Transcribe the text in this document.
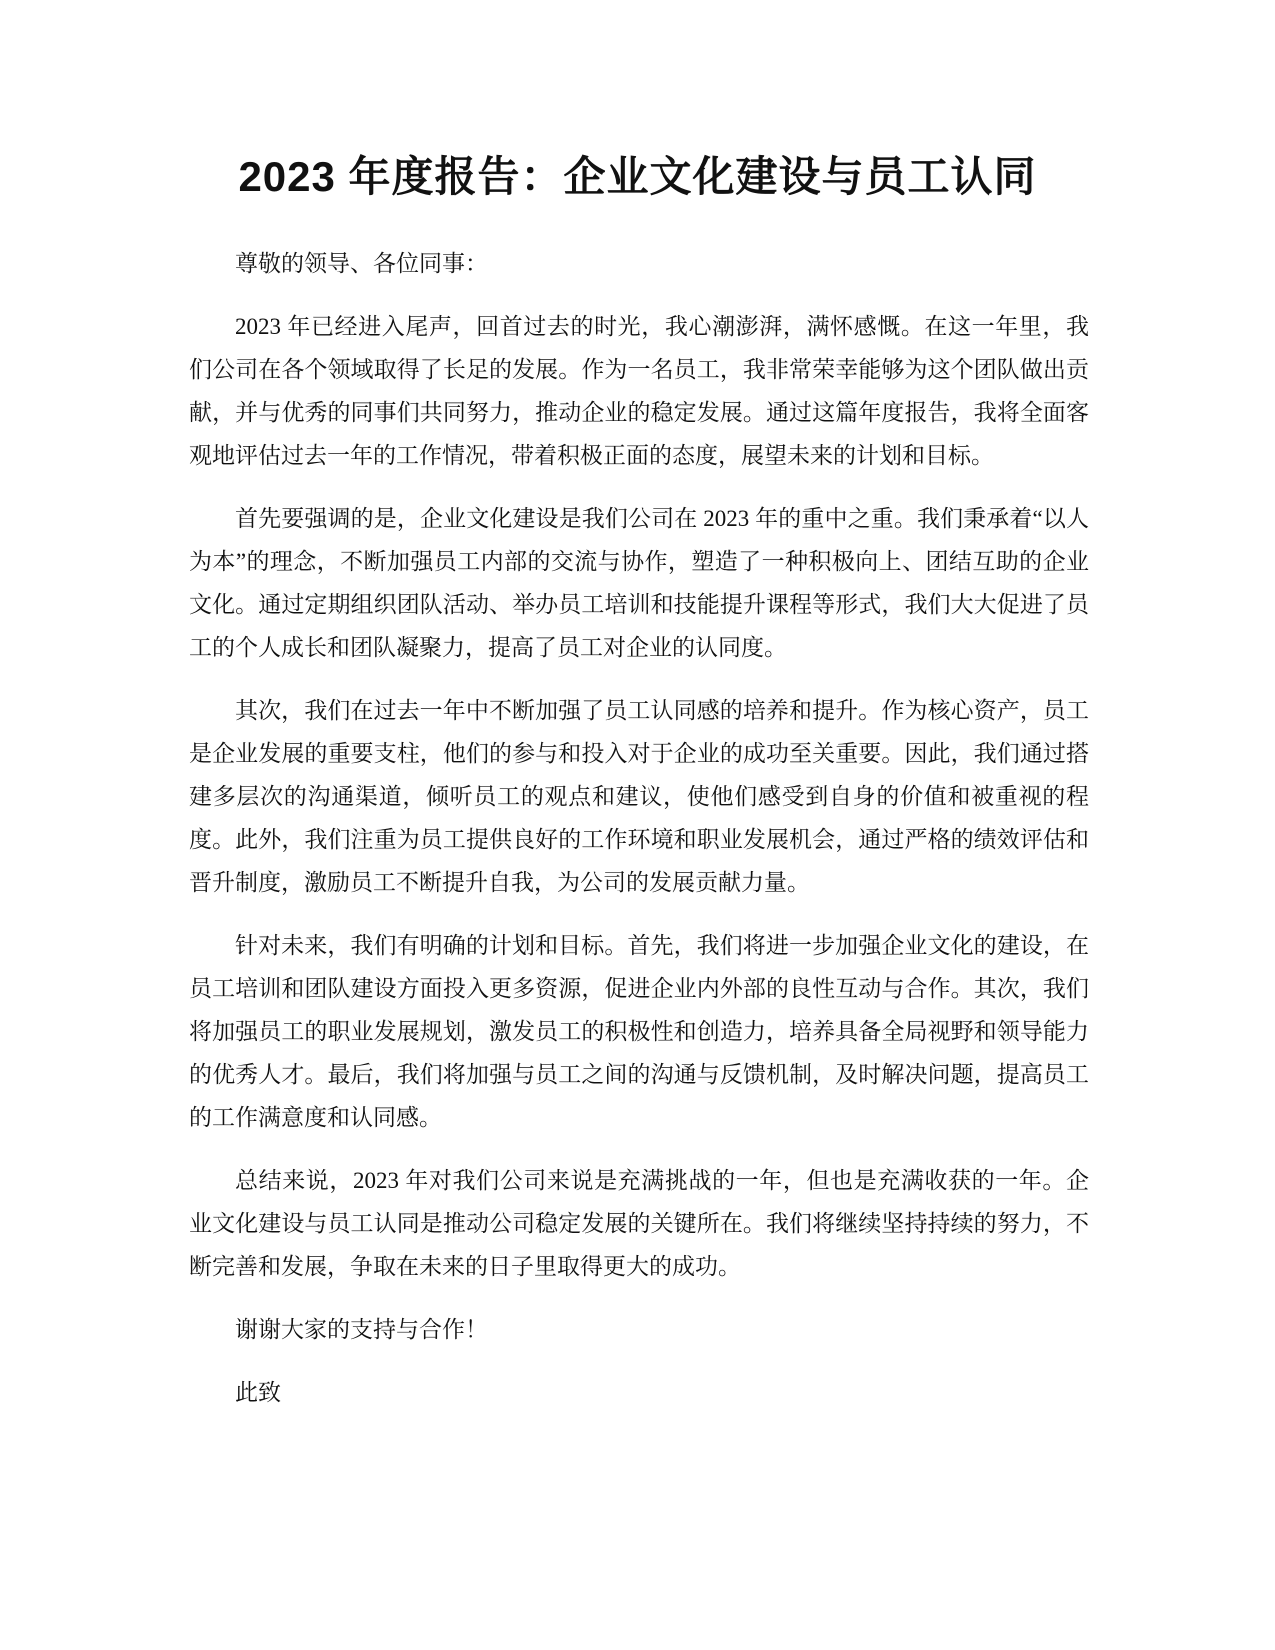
2023 年度报告：企业文化建设与员工认同

尊敬的领导、各位同事：

2023 年已经进入尾声，回首过去的时光，我心潮澎湃，满怀感慨。在这一年里，我们公司在各个领域取得了长足的发展。作为一名员工，我非常荣幸能够为这个团队做出贡献，并与优秀的同事们共同努力，推动企业的稳定发展。通过这篇年度报告，我将全面客观地评估过去一年的工作情况，带着积极正面的态度，展望未来的计划和目标。

首先要强调的是，企业文化建设是我们公司在 2023 年的重中之重。我们秉承着“以人为本”的理念，不断加强员工内部的交流与协作，塑造了一种积极向上、团结互助的企业文化。通过定期组织团队活动、举办员工培训和技能提升课程等形式，我们大大促进了员工的个人成长和团队凝聚力，提高了员工对企业的认同度。

其次，我们在过去一年中不断加强了员工认同感的培养和提升。作为核心资产，员工是企业发展的重要支柱，他们的参与和投入对于企业的成功至关重要。因此，我们通过搭建多层次的沟通渠道，倾听员工的观点和建议，使他们感受到自身的价值和被重视的程度。此外，我们注重为员工提供良好的工作环境和职业发展机会，通过严格的绩效评估和晋升制度，激励员工不断提升自我，为公司的发展贡献力量。

针对未来，我们有明确的计划和目标。首先，我们将进一步加强企业文化的建设，在员工培训和团队建设方面投入更多资源，促进企业内外部的良性互动与合作。其次，我们将加强员工的职业发展规划，激发员工的积极性和创造力，培养具备全局视野和领导能力的优秀人才。最后，我们将加强与员工之间的沟通与反馈机制，及时解决问题，提高员工的工作满意度和认同感。

总结来说，2023 年对我们公司来说是充满挑战的一年，但也是充满收获的一年。企业文化建设与员工认同是推动公司稳定发展的关键所在。我们将继续坚持持续的努力，不断完善和发展，争取在未来的日子里取得更大的成功。

谢谢大家的支持与合作！

此致
